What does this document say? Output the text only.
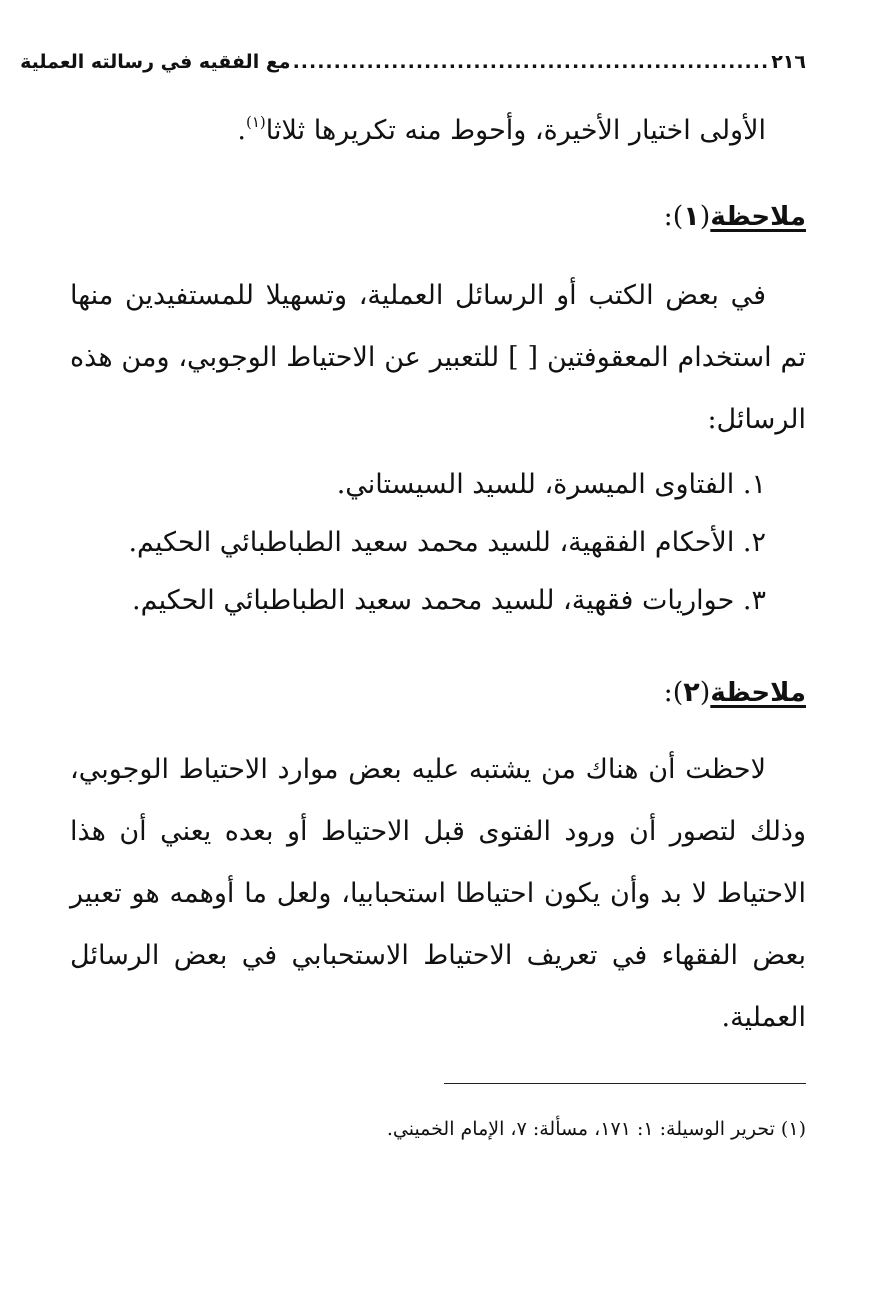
٢١٦
..........................................................
مع الفقيه في رسالته العملية

الأولى اختيار الأخيرة، وأحوط منه تكريرها ثلاثا$^{(١)}$.

ملاحظة(١):

في بعض الكتب أو الرسائل العملية، وتسهيلا للمستفيدين منها تم استخدام المعقوفتين [ ] للتعبير عن الاحتياط الوجوبي، ومن هذه الرسائل:

١. الفتاوى الميسرة، للسيد السيستاني.
٢. الأحكام الفقهية، للسيد محمد سعيد الطباطبائي الحكيم.
٣. حواريات فقهية، للسيد محمد سعيد الطباطبائي الحكيم.
ملاحظة(٢):

لاحظت أن هناك من يشتبه عليه بعض موارد الاحتياط الوجوبي، وذلك لتصور أن ورود الفتوى قبل الاحتياط أو بعده يعني أن هذا الاحتياط لا بد وأن يكون احتياطا استحبابيا، ولعل ما أوهمه هو تعبير بعض الفقهاء في تعريف الاحتياط الاستحبابي في بعض الرسائل العملية.

(١) تحرير الوسيلة: ١: ١٧١، مسألة: ٧، الإمام الخميني.
